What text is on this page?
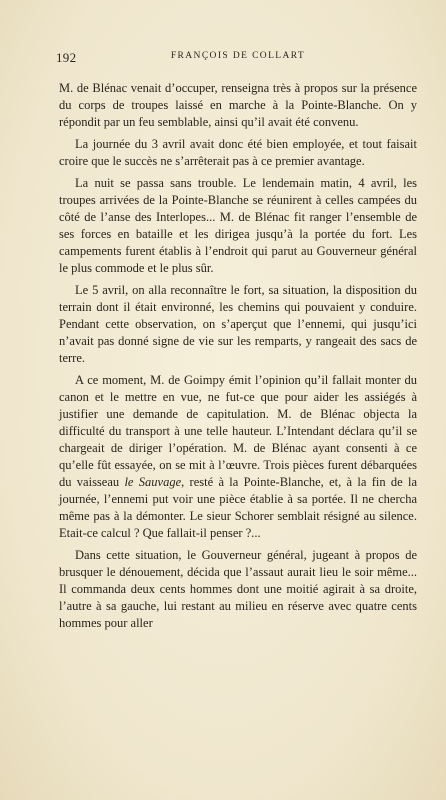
192	FRANÇOIS DE COLLART

M. de Blénac venait d’occuper, renseigna très à propos sur la présence du corps de troupes laissé en marche à la Pointe-Blanche. On y répondit par un feu semblable, ainsi qu’il avait été convenu.

La journée du 3 avril avait donc été bien employée, et tout faisait croire que le succès ne s’arrêterait pas à ce premier avantage.

La nuit se passa sans trouble. Le lendemain matin, 4 avril, les troupes arrivées de la Pointe-Blanche se réunirent à celles campées du côté de l’anse des Interlopes... M. de Blénac fit ranger l’ensemble de ses forces en bataille et les dirigea jusqu’à la portée du fort. Les campements furent établis à l’endroit qui parut au Gouverneur général le plus commode et le plus sûr.

Le 5 avril, on alla reconnaître le fort, sa situation, la disposition du terrain dont il était environné, les chemins qui pouvaient y conduire. Pendant cette observation, on s’aperçut que l’ennemi, qui jusqu’ici n’avait pas donné signe de vie sur les remparts, y rangeait des sacs de terre.

A ce moment, M. de Goimpy émit l’opinion qu’il fallait monter du canon et le mettre en vue, ne fut-ce que pour aider les assiégés à justifier une demande de capitulation. M. de Blénac objecta la difficulté du transport à une telle hauteur. L’Intendant déclara qu’il se chargeait de diriger l’opération. M. de Blénac ayant consenti à ce qu’elle fût essayée, on se mit à l’œuvre. Trois pièces furent débarquées du vaisseau le Sauvage, resté à la Pointe-Blanche, et, à la fin de la journée, l’ennemi put voir une pièce établie à sa portée. Il ne chercha même pas à la démonter. Le sieur Schorer semblait résigné au silence. Etait-ce calcul ? Que fallait-il penser ?...

Dans cette situation, le Gouverneur général, jugeant à propos de brusquer le dénouement, décida que l’assaut aurait lieu le soir même... Il commanda deux cents hommes dont une moitié agirait à sa droite, l’autre à sa gauche, lui restant au milieu en réserve avec quatre cents hommes pour aller
